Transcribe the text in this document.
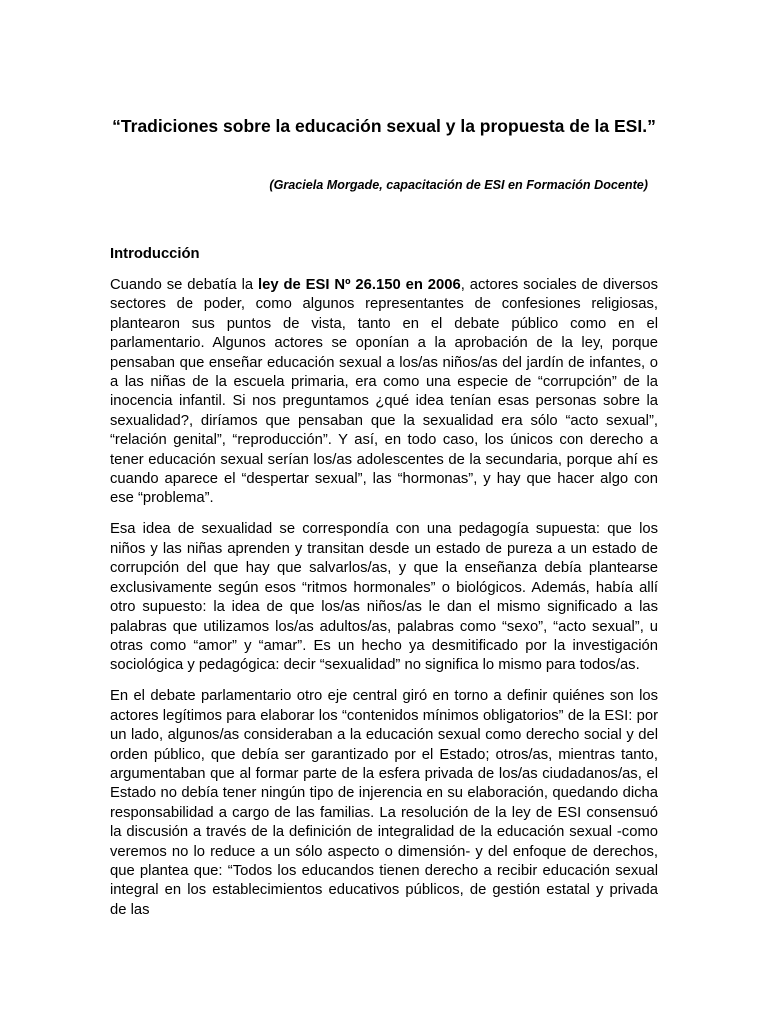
“Tradiciones sobre la educación sexual y la propuesta de la ESI.”

(Graciela Morgade, capacitación de ESI en Formación Docente)

Introducción

Cuando se debatía la ley de ESI Nº 26.150 en 2006, actores sociales de diversos sectores de poder, como algunos representantes de confesiones religiosas, plantearon sus puntos de vista, tanto en el debate público como en el parlamentario. Algunos actores se oponían a la aprobación de la ley, porque pensaban que enseñar educación sexual a los/as niños/as del jardín de infantes, o a las niñas de la escuela primaria, era como una especie de “corrupción” de la inocencia infantil. Si nos preguntamos ¿qué idea tenían esas personas sobre la sexualidad?, diríamos que pensaban que la sexualidad era sólo “acto sexual”, “relación genital”, “reproducción”. Y así, en todo caso, los únicos con derecho a tener educación sexual serían los/as adolescentes de la secundaria, porque ahí es cuando aparece el “despertar sexual”, las “hormonas”, y hay que hacer algo con ese “problema”.

Esa idea de sexualidad se correspondía con una pedagogía supuesta: que los niños y las niñas aprenden y transitan desde un estado de pureza a un estado de corrupción del que hay que salvarlos/as, y que la enseñanza debía plantearse exclusivamente según esos “ritmos hormonales” o biológicos. Además, había allí otro supuesto: la idea de que los/as niños/as le dan el mismo significado a las palabras que utilizamos los/as adultos/as, palabras como “sexo”, “acto sexual”, u otras como “amor” y “amar”. Es un hecho ya desmitificado por la investigación sociológica y pedagógica: decir “sexualidad” no significa lo mismo para todos/as.

En el debate parlamentario otro eje central giró en torno a definir quiénes son los actores legítimos para elaborar los “contenidos mínimos obligatorios” de la ESI: por un lado, algunos/as consideraban a la educación sexual como derecho social y del orden público, que debía ser garantizado por el Estado; otros/as, mientras tanto, argumentaban que al formar parte de la esfera privada de los/as ciudadanos/as, el Estado no debía tener ningún tipo de injerencia en su elaboración, quedando dicha responsabilidad a cargo de las familias. La resolución de la ley de ESI consensuó la discusión a través de la definición de integralidad de la educación sexual -como veremos no lo reduce a un sólo aspecto o dimensión- y del enfoque de derechos, que plantea que: “Todos los educandos tienen derecho a recibir educación sexual integral en los establecimientos educativos públicos, de gestión estatal y privada de las
